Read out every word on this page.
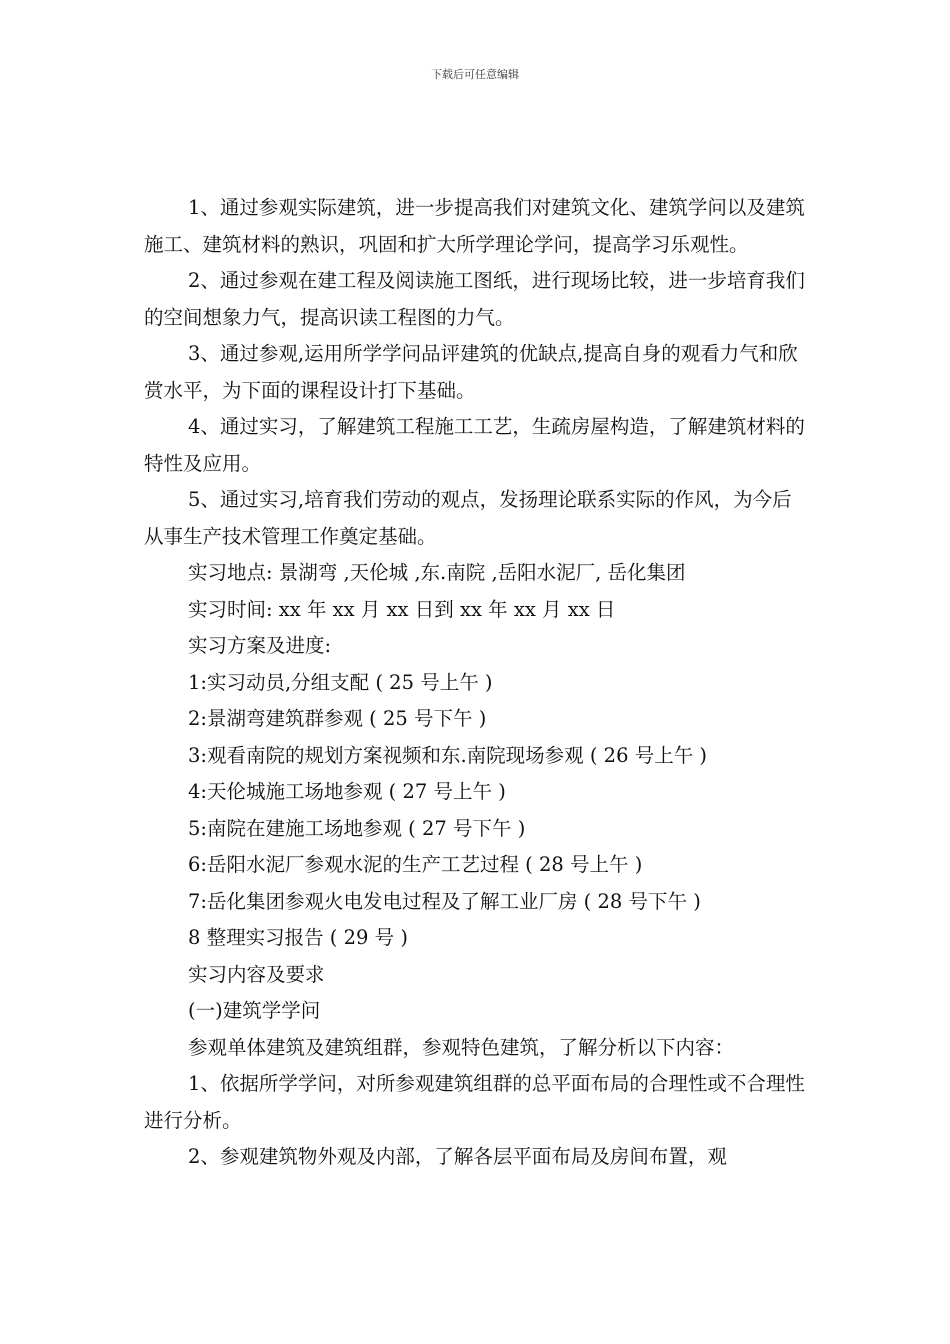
下载后可任意编辑

1、通过参观实际建筑，进一步提高我们对建筑文化、建筑学问以及建筑施工、建筑材料的熟识，巩固和扩大所学理论学问，提高学习乐观性。

2、通过参观在建工程及阅读施工图纸，进行现场比较，进一步培育我们的空间想象力气，提高识读工程图的力气。

3、通过参观,运用所学学问品评建筑的优缺点,提高自身的观看力气和欣赏水平，为下面的课程设计打下基础。

4、通过实习，了解建筑工程施工工艺，生疏房屋构造，了解建筑材料的特性及应用。

5、通过实习,培育我们劳动的观点，发扬理论联系实际的作风，为今后从事生产技术管理工作奠定基础。

实习地点: 景湖弯 ,天伦城 ,东.南院 ,岳阳水泥厂, 岳化集团

实习时间: xx 年 xx 月 xx 日到 xx 年 xx 月 xx 日

实习方案及进度:

1:实习动员,分组支配 ( 25 号上午 )

2:景湖弯建筑群参观 ( 25 号下午 )

3:观看南院的规划方案视频和东.南院现场参观 ( 26 号上午 )

4:天伦城施工场地参观 ( 27 号上午 )

5:南院在建施工场地参观 ( 27 号下午 )

6:岳阳水泥厂参观水泥的生产工艺过程 ( 28 号上午 )

7:岳化集团参观火电发电过程及了解工业厂房 ( 28 号下午 )

8 整理实习报告 ( 29 号 )

实习内容及要求

(一)建筑学学问

参观单体建筑及建筑组群，参观特色建筑，了解分析以下内容：

1、依据所学学问，对所参观建筑组群的总平面布局的合理性或不合理性进行分析。

2、参观建筑物外观及内部，了解各层平面布局及房间布置，观
